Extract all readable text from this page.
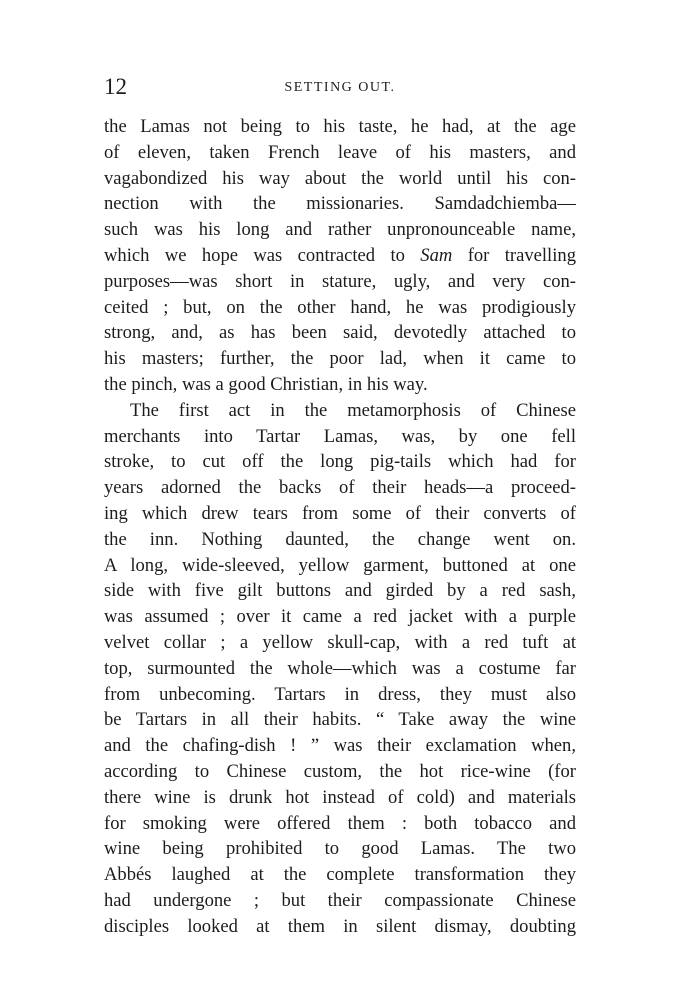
12	SETTING OUT.
the Lamas not being to his taste, he had, at the age
of eleven, taken French leave of his masters, and
vagabondized his way about the world until his con-
nection with the missionaries. Samdadchiemba—
such was his long and rather unpronounceable name,
which we hope was contracted to Sam for travelling
purposes—was short in stature, ugly, and very con-
ceited ; but, on the other hand, he was prodigiously
strong, and, as has been said, devotedly attached to
his masters; further, the poor lad, when it came to
the pinch, was a good Christian, in his way.
The first act in the metamorphosis of Chinese
merchants into Tartar Lamas, was, by one fell
stroke, to cut off the long pig-tails which had for
years adorned the backs of their heads—a proceed-
ing which drew tears from some of their converts of
the inn. Nothing daunted, the change went on.
A long, wide-sleeved, yellow garment, buttoned at one
side with five gilt buttons and girded by a red sash,
was assumed ; over it came a red jacket with a purple
velvet collar ; a yellow skull-cap, with a red tuft at
top, surmounted the whole—which was a costume far
from unbecoming. Tartars in dress, they must also
be Tartars in all their habits. “ Take away the wine
and the chafing-dish ! ” was their exclamation when,
according to Chinese custom, the hot rice-wine (for
there wine is drunk hot instead of cold) and materials
for smoking were offered them : both tobacco and
wine being prohibited to good Lamas. The two
Abbés laughed at the complete transformation they
had undergone ; but their compassionate Chinese
disciples looked at them in silent dismay, doubting
